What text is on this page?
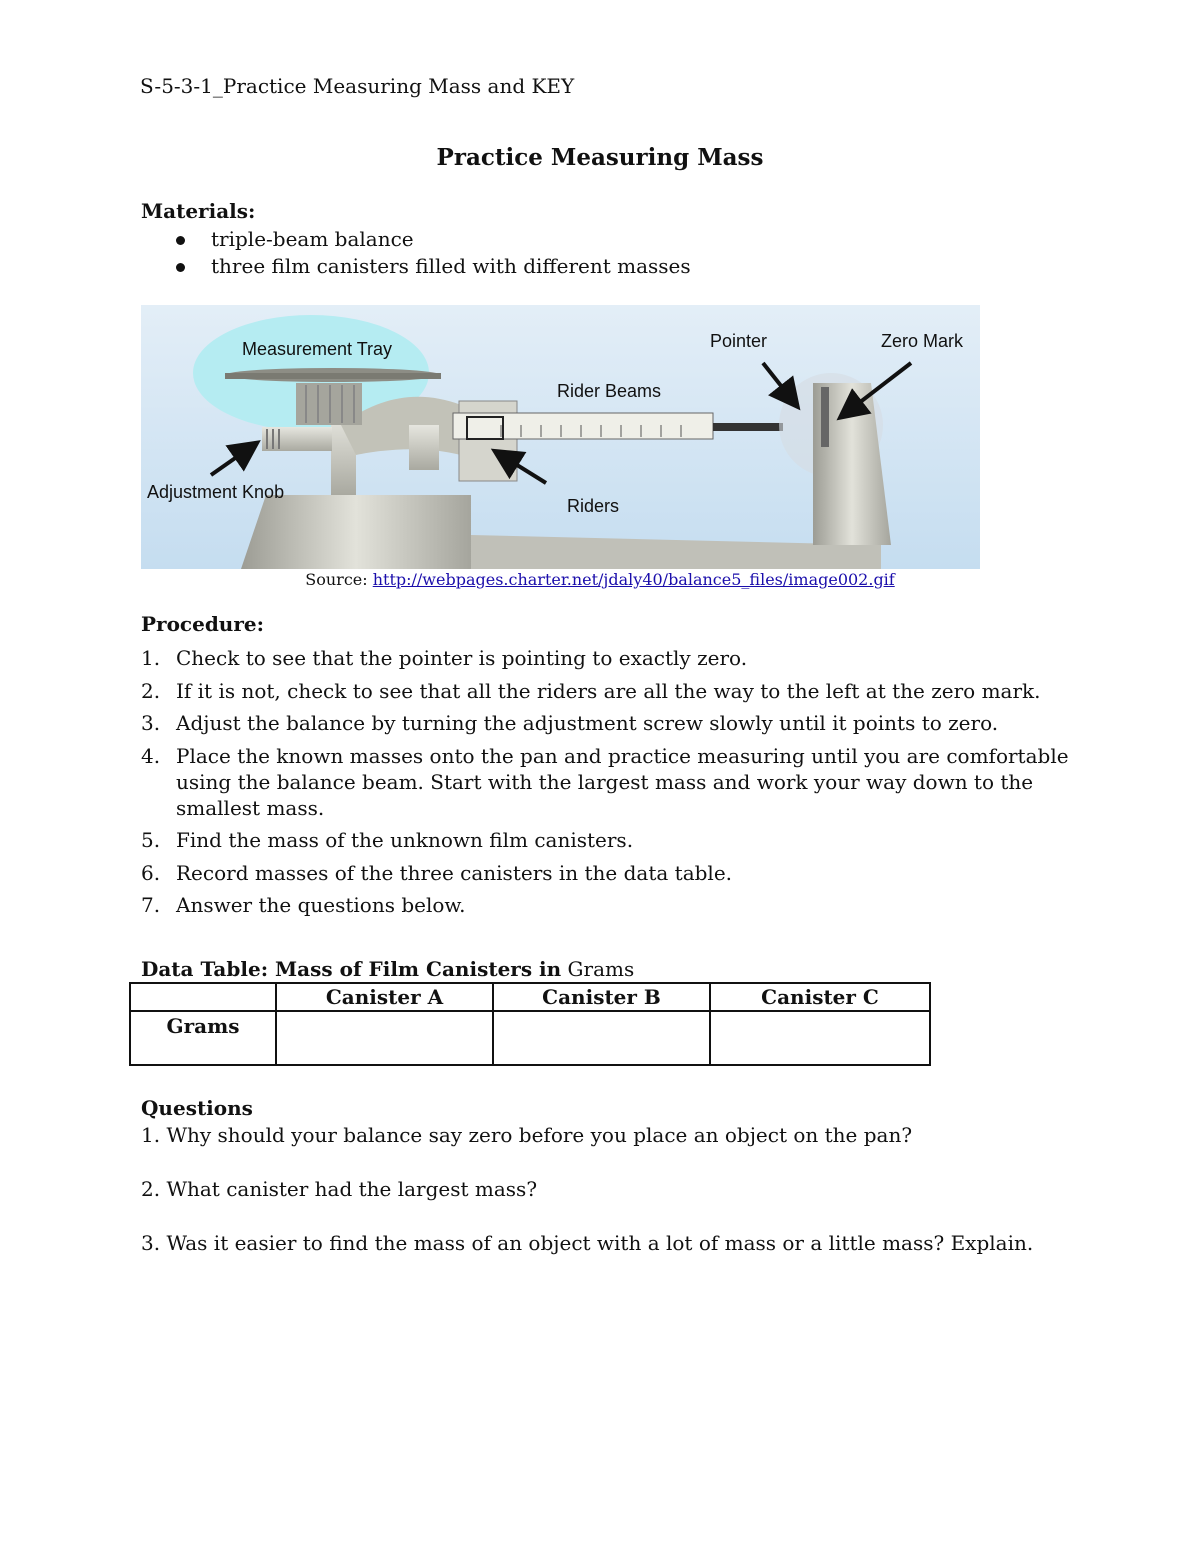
S-5-3-1_Practice Measuring Mass and KEY
Practice Measuring Mass
Materials:
triple-beam balance
three film canisters filled with different masses
Measurement Tray	Pointer	Zero Mark
Rider Beams
Adjustment Knob
Riders
Source: http://webpages.charter.net/jdaly40/balance5_files/image002.gif
Procedure:
1. Check to see that the pointer is pointing to exactly zero.
2. If it is not, check to see that all the riders are all the way to the left at the zero mark.
3. Adjust the balance by turning the adjustment screw slowly until it points to zero.
4. Place the known masses onto the pan and practice measuring until you are comfortable using the balance beam. Start with the largest mass and work your way down to the smallest mass.
5. Find the mass of the unknown film canisters.
6. Record masses of the three canisters in the data table.
7. Answer the questions below.
Data Table: Mass of Film Canisters in Grams
	Canister A	Canister B	Canister C
Grams			
Questions
1. Why should your balance say zero before you place an object on the pan?
2. What canister had the largest mass?
3. Was it easier to find the mass of an object with a lot of mass or a little mass? Explain.
